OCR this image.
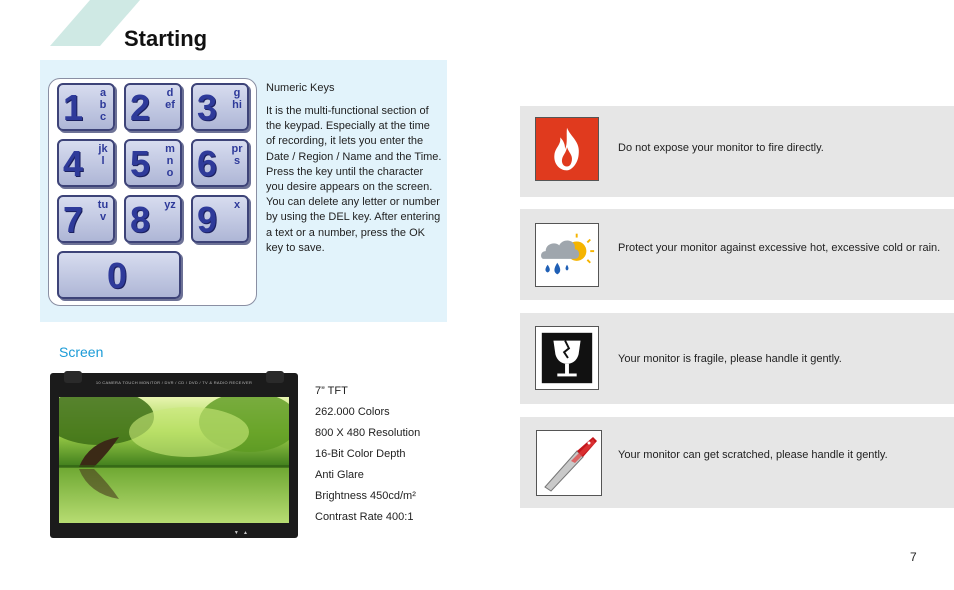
Starting
1 abc 2 def 3 ghi
4 jkl 5 mno 6 prs
7 tuv 8 yz 9 x
0
Numeric Keys
It is the multi-functional section of the keypad. Especially at the time of recording, it lets you enter the Date / Region / Name and the Time. Press the key until the character you desire appears on the screen. You can delete any letter or number by using the DEL key. After entering a text or a number, press the OK key to save.
Screen
10 CAMERA TOUCH MONITOR / DVR / CD / DVD / TV & RADIO RECEIVER
▼   ▲
7” TFT
262.000 Colors
800 X 480 Resolution
16-Bit Color Depth
Anti Glare
Brightness 450cd/m²
Contrast Rate 400:1
Do not expose your monitor to fire directly.
Protect your monitor against excessive hot, excessive cold or rain.
Your monitor is fragile, please handle it gently.
Your monitor can get scratched, please handle it gently.
7
